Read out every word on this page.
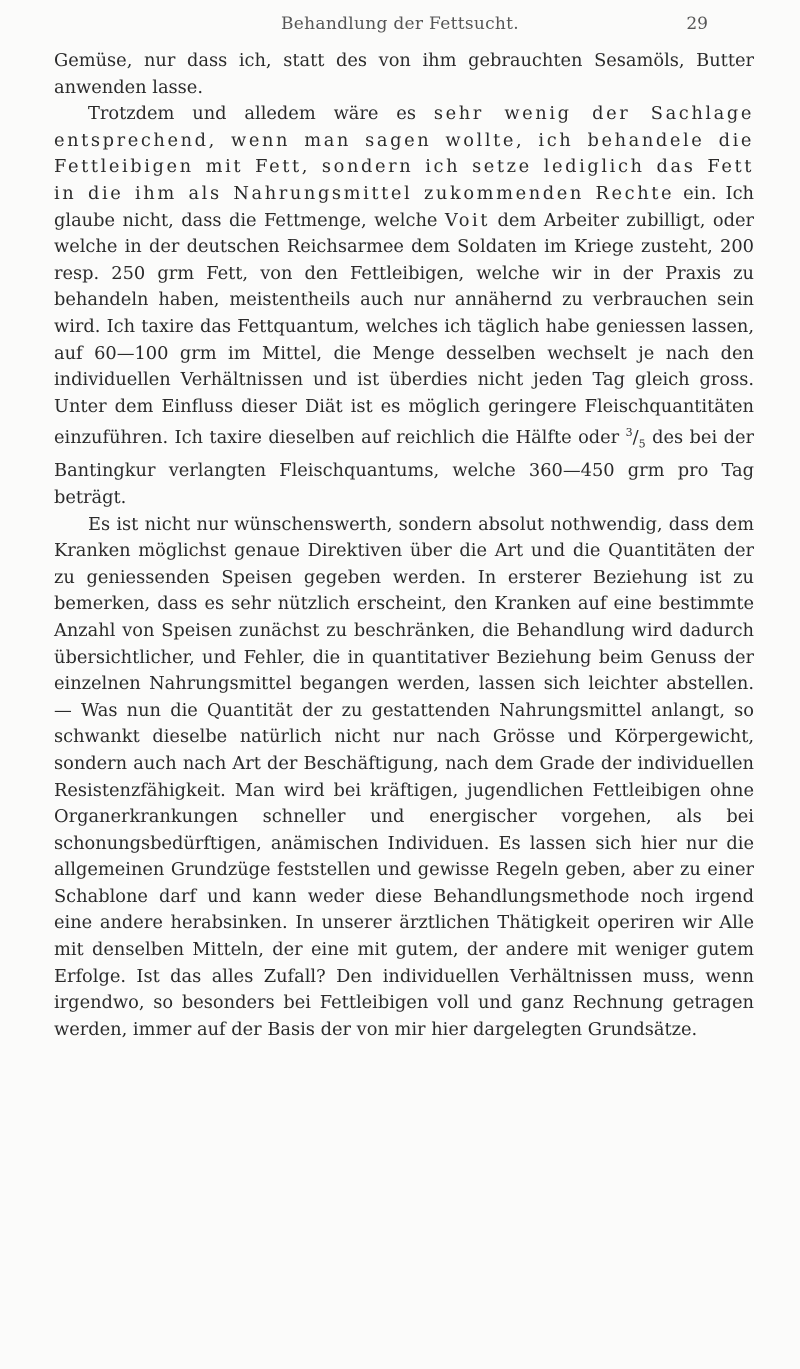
Behandlung der Fettsucht.	29

Gemüse, nur dass ich, statt des von ihm gebrauchten Sesamöls, Butter anwenden lasse.

Trotzdem und alledem wäre es sehr wenig der Sachlage entsprechend, wenn man sagen wollte, ich behandele die Fettleibigen mit Fett, sondern ich setze lediglich das Fett in die ihm als Nahrungsmittel zukommenden Rechte ein. Ich glaube nicht, dass die Fettmenge, welche Voit dem Arbeiter zubilligt, oder welche in der deutschen Reichsarmee dem Soldaten im Kriege zusteht, 200 resp. 250 grm Fett, von den Fettleibigen, welche wir in der Praxis zu behandeln haben, meistentheils auch nur annähernd zu verbrauchen sein wird. Ich taxire das Fettquantum, welches ich täglich habe geniessen lassen, auf 60—100 grm im Mittel, die Menge desselben wechselt je nach den individuellen Verhältnissen und ist überdies nicht jeden Tag gleich gross. Unter dem Einfluss dieser Diät ist es möglich geringere Fleischquantitäten einzuführen. Ich taxire dieselben auf reichlich die Hälfte oder $^3/_5$ des bei der Bantingkur verlangten Fleischquantums, welche 360—450 grm pro Tag beträgt.

Es ist nicht nur wünschenswerth, sondern absolut nothwendig, dass dem Kranken möglichst genaue Direktiven über die Art und die Quantitäten der zu geniessenden Speisen gegeben werden. In ersterer Beziehung ist zu bemerken, dass es sehr nützlich erscheint, den Kranken auf eine bestimmte Anzahl von Speisen zunächst zu beschränken, die Behandlung wird dadurch übersichtlicher, und Fehler, die in quantitativer Beziehung beim Genuss der einzelnen Nahrungsmittel begangen werden, lassen sich leichter abstellen. — Was nun die Quantität der zu gestattenden Nahrungsmittel anlangt, so schwankt dieselbe natürlich nicht nur nach Grösse und Körpergewicht, sondern auch nach Art der Beschäftigung, nach dem Grade der individuellen Resistenzfähigkeit. Man wird bei kräftigen, jugendlichen Fettleibigen ohne Organerkrankungen schneller und energischer vorgehen, als bei schonungsbedürftigen, anämischen Individuen. Es lassen sich hier nur die allgemeinen Grundzüge feststellen und gewisse Regeln geben, aber zu einer Schablone darf und kann weder diese Behandlungsmethode noch irgend eine andere herabsinken. In unserer ärztlichen Thätigkeit operiren wir Alle mit denselben Mitteln, der eine mit gutem, der andere mit weniger gutem Erfolge. Ist das alles Zufall? Den individuellen Verhältnissen muss, wenn irgendwo, so besonders bei Fettleibigen voll und ganz Rechnung getragen werden, immer auf der Basis der von mir hier dargelegten Grundsätze.
